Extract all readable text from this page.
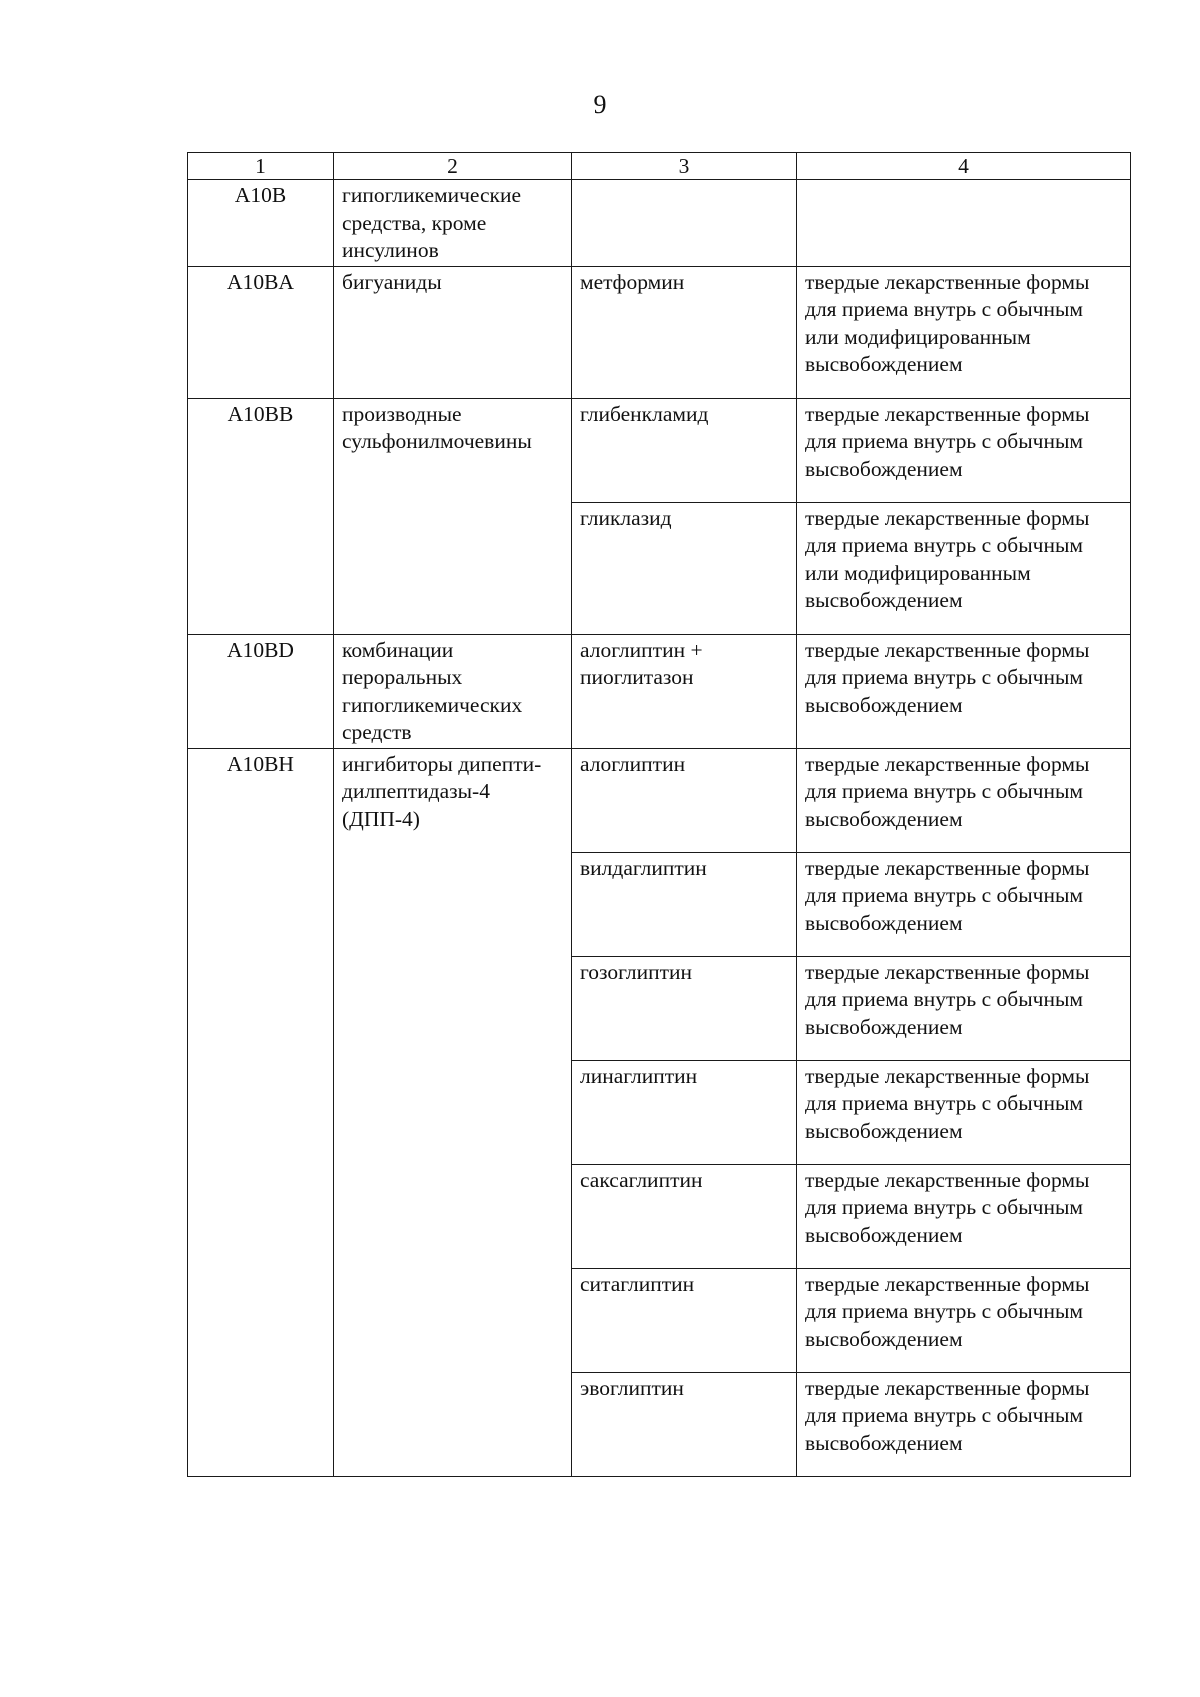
9
1	2	3	4
A10B	гипогликемические средства, кроме инсулинов		
A10BA	бигуаниды	метформин	твердые лекарственные формы для приема внутрь с обычным или модифицированным высвобождением
A10BB	производные сульфонилмочевины	глибенкламид	твердые лекарственные формы для приема внутрь с обычным высвобождением
		гликлазид	твердые лекарственные формы для приема внутрь с обычным или модифицированным высвобождением
A10BD	комбинации пероральных гипогликемических средств	алоглиптин + пиоглитазон	твердые лекарственные формы для приема внутрь с обычным высвобождением
A10BH	ингибиторы дипепти-дилпептидазы-4 (ДПП-4)	алоглиптин	твердые лекарственные формы для приема внутрь с обычным высвобождением
		вилдаглиптин	твердые лекарственные формы для приема внутрь с обычным высвобождением
		гозоглиптин	твердые лекарственные формы для приема внутрь с обычным высвобождением
		линаглиптин	твердые лекарственные формы для приема внутрь с обычным высвобождением
		саксаглиптин	твердые лекарственные формы для приема внутрь с обычным высвобождением
		ситаглиптин	твердые лекарственные формы для приема внутрь с обычным высвобождением
		эвоглиптин	твердые лекарственные формы для приема внутрь с обычным высвобождением
